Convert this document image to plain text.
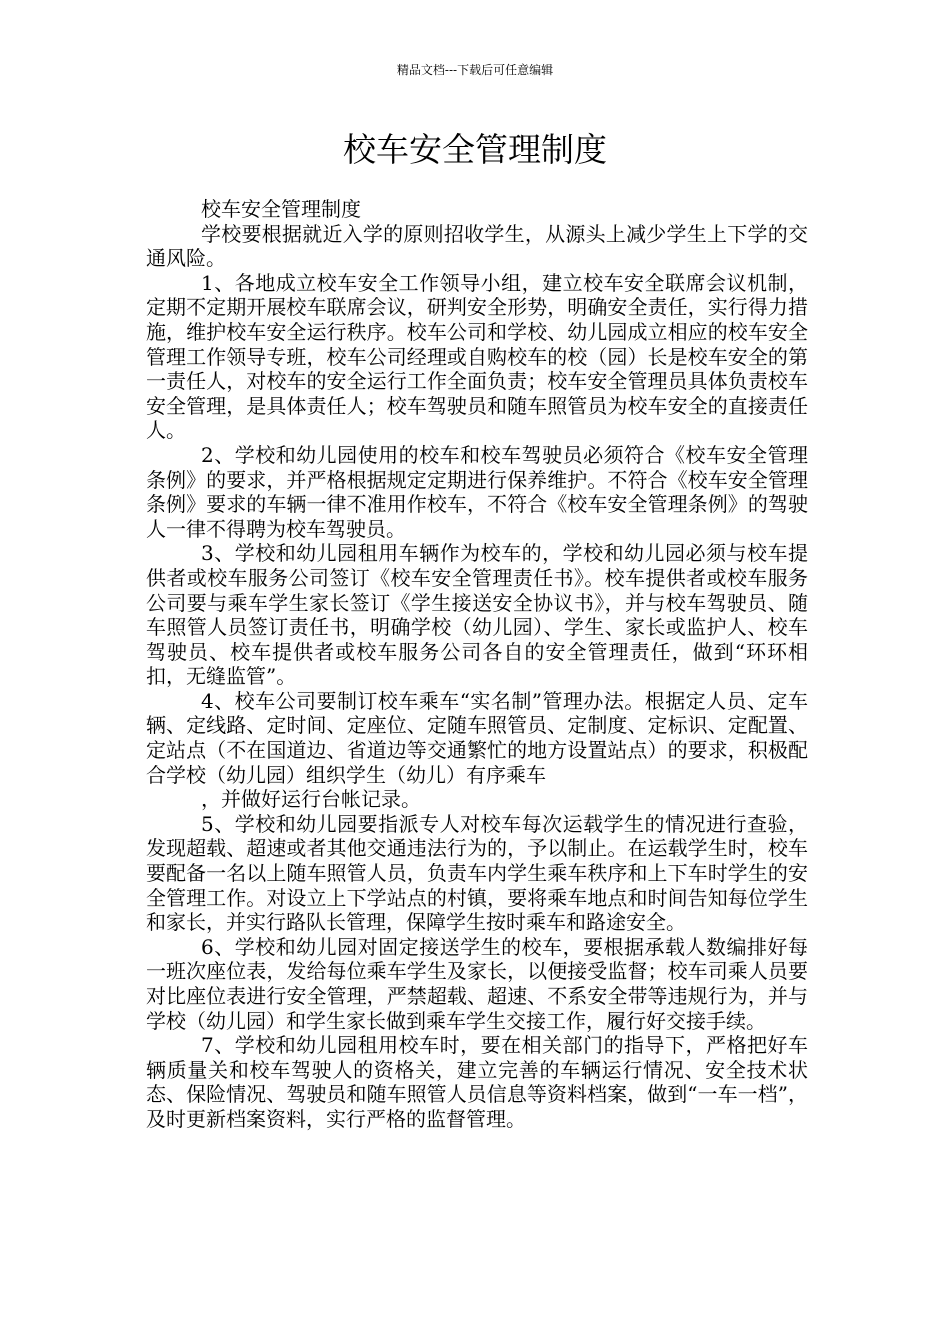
精品文档---下载后可任意编辑
校车安全管理制度

校车安全管理制度

学校要根据就近入学的原则招收学生，从源头上减少学生上下学的交通风险。

1、各地成立校车安全工作领导小组，建立校车安全联席会议机制，定期不定期开展校车联席会议，研判安全形势，明确安全责任，实行得力措施，维护校车安全运行秩序。校车公司和学校、幼儿园成立相应的校车安全管理工作领导专班，校车公司经理或自购校车的校（园）长是校车安全的第一责任人，对校车的安全运行工作全面负责；校车安全管理员具体负责校车安全管理，是具体责任人；校车驾驶员和随车照管员为校车安全的直接责任人。

2、学校和幼儿园使用的校车和校车驾驶员必须符合《校车安全管理条例》的要求，并严格根据规定定期进行保养维护。不符合《校车安全管理条例》要求的车辆一律不准用作校车，不符合《校车安全管理条例》的驾驶人一律不得聘为校车驾驶员。

3、学校和幼儿园租用车辆作为校车的，学校和幼儿园必须与校车提供者或校车服务公司签订《校车安全管理责任书》。校车提供者或校车服务公司要与乘车学生家长签订《学生接送安全协议书》，并与校车驾驶员、随车照管人员签订责任书，明确学校（幼儿园）、学生、家长或监护人、校车驾驶员、校车提供者或校车服务公司各自的安全管理责任，做到“环环相扣，无缝监管”。

4、校车公司要制订校车乘车“实名制”管理办法。根据定人员、定车辆、定线路、定时间、定座位、定随车照管员、定制度、定标识、定配置、定站点（不在国道边、省道边等交通繁忙的地方设置站点）的要求，积极配合学校（幼儿园）组织学生（幼儿）有序乘车

，并做好运行台帐记录。

5、学校和幼儿园要指派专人对校车每次运载学生的情况进行查验，发现超载、超速或者其他交通违法行为的，予以制止。在运载学生时，校车要配备一名以上随车照管人员，负责车内学生乘车秩序和上下车时学生的安全管理工作。对设立上下学站点的村镇，要将乘车地点和时间告知每位学生和家长，并实行路队长管理，保障学生按时乘车和路途安全。

6、学校和幼儿园对固定接送学生的校车，要根据承载人数编排好每一班次座位表，发给每位乘车学生及家长，以便接受监督；校车司乘人员要对比座位表进行安全管理，严禁超载、超速、不系安全带等违规行为，并与学校（幼儿园）和学生家长做到乘车学生交接工作，履行好交接手续。

7、学校和幼儿园租用校车时，要在相关部门的指导下，严格把好车辆质量关和校车驾驶人的资格关，建立完善的车辆运行情况、安全技术状态、保险情况、驾驶员和随车照管人员信息等资料档案，做到“一车一档”，及时更新档案资料，实行严格的监督管理。
